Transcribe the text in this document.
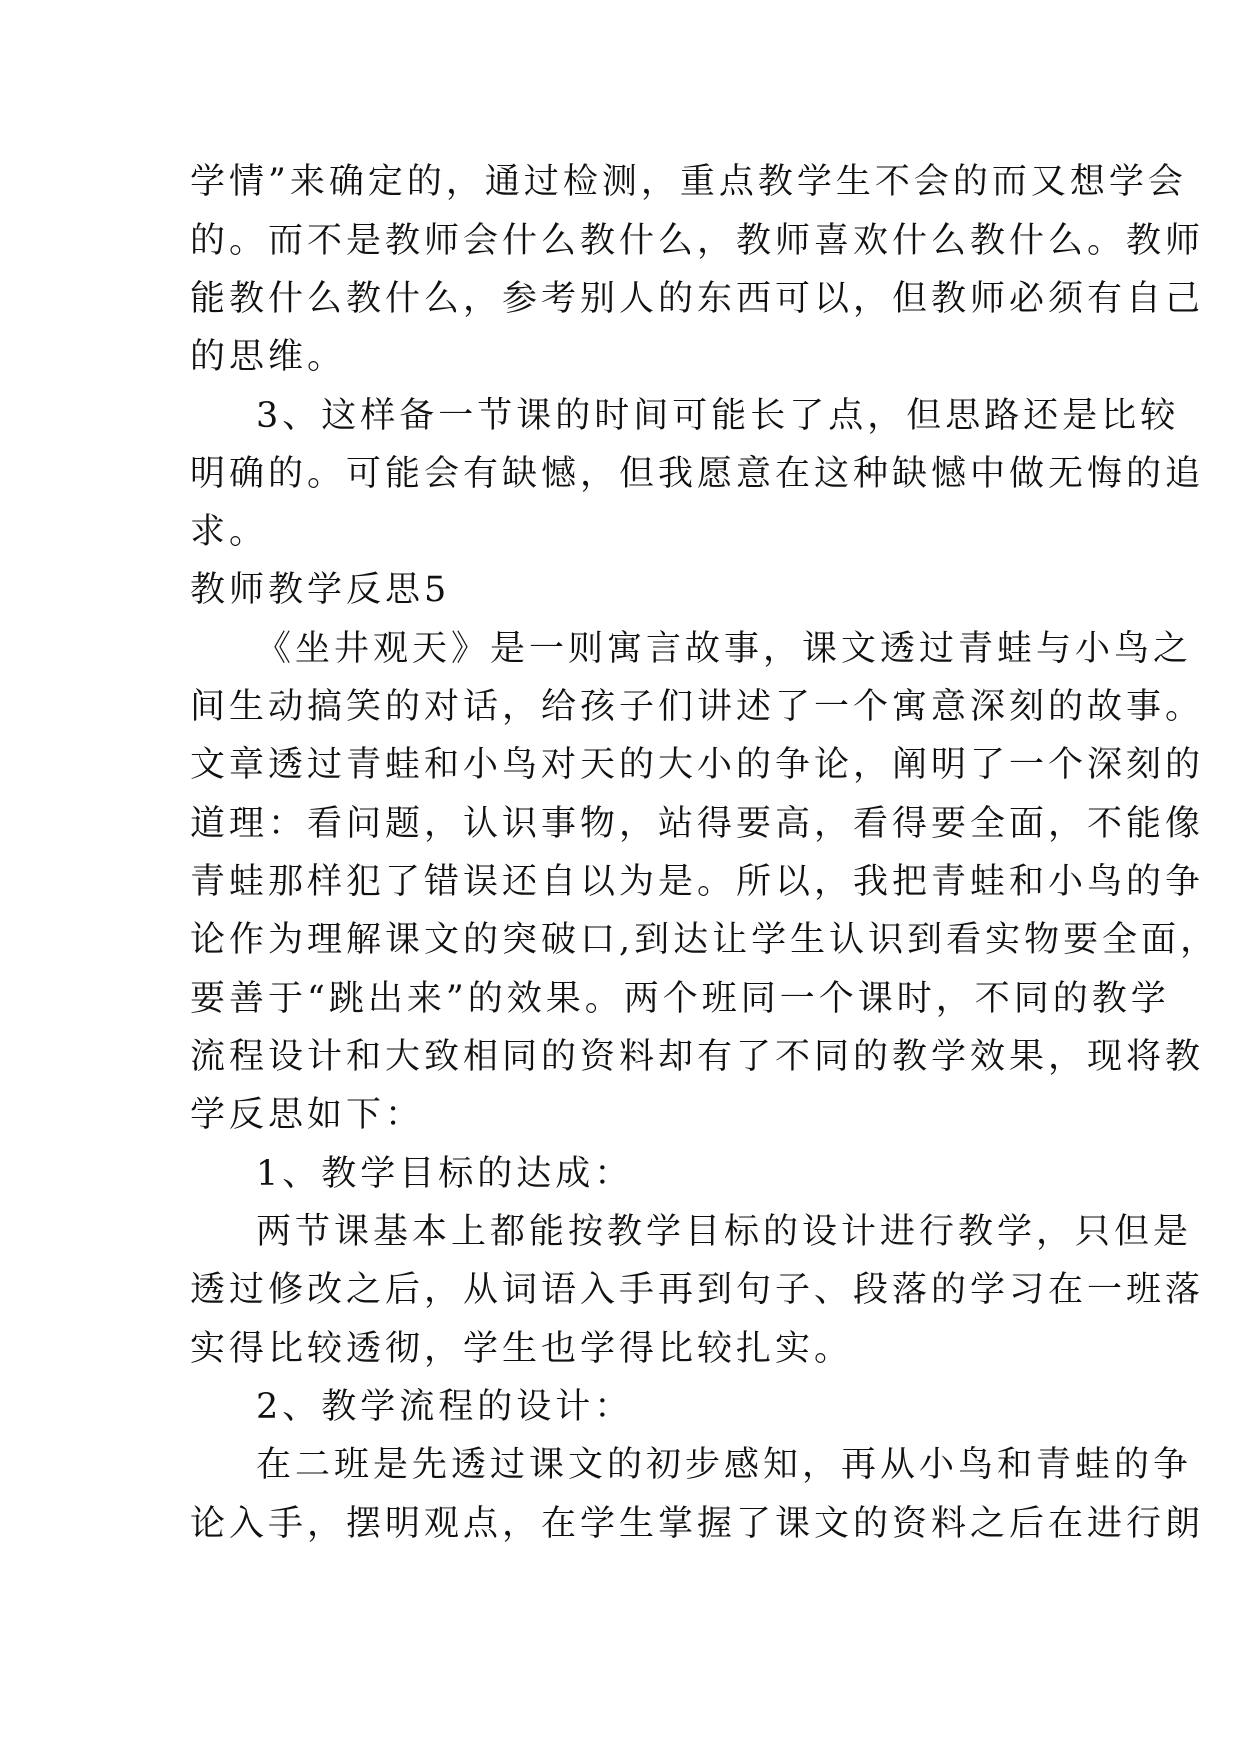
学情”来确定的，通过检测，重点教学生不会的而又想学会
的。而不是教师会什么教什么，教师喜欢什么教什么。教师
能教什么教什么，参考别人的东西可以，但教师必须有自己
的思维。
3、这样备一节课的时间可能长了点，但思路还是比较
明确的。可能会有缺憾，但我愿意在这种缺憾中做无悔的追
求。
教师教学反思5
《坐井观天》是一则寓言故事，课文透过青蛙与小鸟之
间生动搞笑的对话，给孩子们讲述了一个寓意深刻的故事。
文章透过青蛙和小鸟对天的大小的争论，阐明了一个深刻的
道理：看问题，认识事物，站得要高，看得要全面，不能像
青蛙那样犯了错误还自以为是。所以，我把青蛙和小鸟的争
论作为理解课文的突破口,到达让学生认识到看实物要全面，
要善于“跳出来”的效果。两个班同一个课时，不同的教学
流程设计和大致相同的资料却有了不同的教学效果，现将教
学反思如下：
1、教学目标的达成：
两节课基本上都能按教学目标的设计进行教学，只但是
透过修改之后，从词语入手再到句子、段落的学习在一班落
实得比较透彻，学生也学得比较扎实。
2、教学流程的设计：
在二班是先透过课文的初步感知，再从小鸟和青蛙的争
论入手，摆明观点，在学生掌握了课文的资料之后在进行朗
